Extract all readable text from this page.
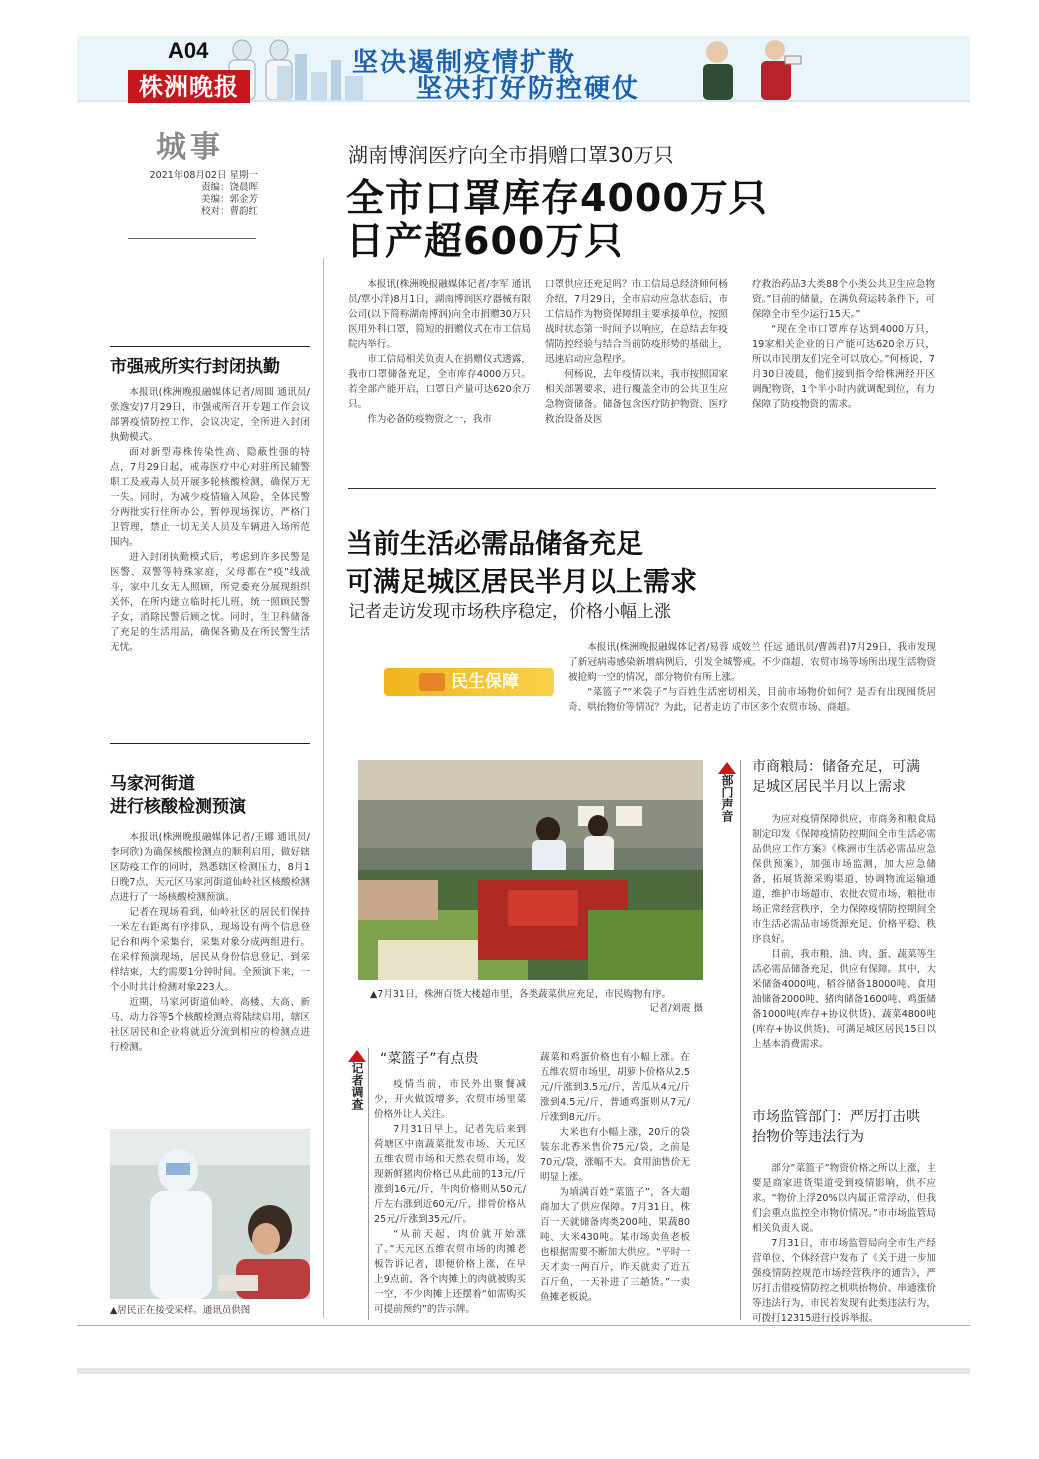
A04
株洲晚报
坚决遏制疫情扩散
坚决打好防控硬仗
城事
2021年08月02日 星期一
责编：饶晨晖
美编：郭金芳
校对：曹韵红
湖南博润医疗向全市捐赠口罩30万只
全市口罩库存4000万只
日产超600万只

本报讯(株洲晚报融媒体记者/李军 通讯员/覃小洋)8月1日，湖南博润医疗器械有限公司(以下简称湖南博润)向全市捐赠30万只医用外科口罩，简短的捐赠仪式在市工信局院内举行。

市工信局相关负责人在捐赠仪式透露，我市口罩储备充足，全市库存4000万只。若全部产能开启，口罩日产量可达620余万只。

作为必备防疫物资之一，我市

口罩供应还充足吗？市工信局总经济师何杨介绍，7月29日，全市启动应急状态后，市工信局作为物资保障组主要承接单位，按照战时状态第一时间予以响应，在总结去年疫情防控经验与结合当前防疫形势的基础上，迅速启动应急程序。

何杨说，去年疫情以来，我市按照国家相关部署要求，进行覆盖全市的公共卫生应急物资储备。储备包含医疗防护物资、医疗救治设备及医

疗救治药品3大类88个小类公共卫生应急物资。”目前的储量，在满负荷运转条件下，可保障全市至少运行15天。”

“现在全市口罩库存达到4000万只，19家相关企业的日产能可达620余万只，所以市民朋友们完全可以放心。”何杨说，7月30日凌晨，他们接到指令给株洲经开区调配物资，1个半小时内就调配到位，有力保障了防疫物资的需求。

市强戒所实行封闭执勤

本报讯(株洲晚报融媒体记者/周圆 通讯员/张逸安)7月29日，市强戒所召开专题工作会议部署疫情防控工作，会议决定，全所进入封闭执勤模式。

面对新型毒株传染性高、隐蔽性强的特点，7月29日起，戒毒医疗中心对驻所民辅警职工及戒毒人员开展多轮核酸检测，确保万无一失。同时，为减少疫情输入风险，全体民警分两批实行住所办公，暂停现场探访，严格门卫管理，禁止一切无关人员及车辆进入场所范围内。

进入封闭执勤模式后，考虑到许多民警是医警、双警等特殊家庭，父母都在“疫”线战斗，家中儿女无人照顾，所党委充分展现组织关怀，在所内建立临时托儿班，统一照顾民警子女，消除民警后顾之忧。同时，生卫科储备了充足的生活用品，确保各勤及在所民警生活无忧。

马家河街道
进行核酸检测预演

本报讯(株洲晚报融媒体记者/王娜 通讯员/李珂欣)为确保核酸检测点的顺利启用，做好辖区防疫工作的同时，熟悉辖区检测压力，8月1日晚7点，天元区马家河街道仙岭社区核酸检测点进行了一场核酸检测预演。

记者在现场看到，仙岭社区的居民们保持一米左右距离有序排队，现场设有两个信息登记台和两个采集台，采集对象分成两组进行。在采样预演现场，居民从身份信息登记，到采样结束，大约需要1分钟时间。全预演下来，一个小时共计检测对象223人。

近期，马家河街道仙岭、高楼、大高、新马、动力谷等5个核酸检测点将陆续启用，辖区社区居民和企业将就近分流到相应的检测点进行检测。

▲居民正在接受采样。通讯员供图
当前生活必需品储备充足
可满足城区居民半月以上需求
记者走访发现市场秩序稳定，价格小幅上涨
民生保障

本报讯(株洲晚报融媒体记者/易蓉 成姣兰 任远 通讯员/曹茜君)7月29日，我市发现了新冠病毒感染新增病例后，引发全城警戒。不少商超、农贸市场等场所出现生活物资被抢购一空的情况，部分物价有所上涨。

“菜篮子”“米袋子”与百姓生活密切相关，目前市场物价如何？是否有出现囤货居奇、哄抬物价等情况？为此，记者走访了市区多个农贸市场、商超。

▲7月31日，株洲百货大楼超市里，各类蔬菜供应充足，市民购物有序。
记者/刘震 摄
部门声音
市商粮局：储备充足，可满
足城区居民半月以上需求

为应对疫情保障供应，市商务和粮食局制定印发《保障疫情防控期间全市生活必需品供应工作方案》《株洲市生活必需品应急保供预案》，加强市场监测，加大应急储备，拓展货源采购渠道，协调物流运输通道，维护市场超市、农批农贸市场、粮批市场正常经营秩序，全力保障疫情防控期间全市生活必需品市场货源充足、价格平稳、秩序良好。

目前，我市粮、油、肉、蛋、蔬菜等生活必需品储备充足，供应有保障。其中，大米储备4000吨、稻谷储备18000吨、食用油储备2000吨、猪肉储备1600吨、鸡蛋储备1000吨(库存+协议供货)、蔬菜4800吨(库存+协议供货)，可满足城区居民15日以上基本消费需求。

市场监管部门：严厉打击哄
抬物价等违法行为

部分“菜篮子”物资价格之所以上涨，主要是商家进货渠道受到疫情影响，供不应求。“物价上浮20%以内属正常浮动，但我们会重点监控全市物价情况。”市市场监管局相关负责人说。

7月31日，市市场监管局向全市生产经营单位、个体经营户发布了《关于进一步加强疫情防控规范市场经营秩序的通告》，严厉打击借疫情防控之机哄抬物价、串通涨价等违法行为，市民若发现有此类违法行为，可拨打12315进行投诉举报。

记者调查
“菜篮子”有点贵

疫情当前，市民外出聚餐减少，开火做饭增多，农贸市场里菜价格外让人关注。

7月31日早上，记者先后来到荷塘区中南蔬菜批发市场、天元区五维农贸市场和天然农贸市场，发现新鲜猪肉价格已从此前的13元/斤涨到16元/斤，牛肉价格则从50元/斤左右涨到近60元/斤，排骨价格从25元/斤涨到35元/斤。

“从前天起，肉价就开始涨了。”天元区五维农贸市场的肉摊老板告诉记者，即便价格上涨，在早上9点前，各个肉摊上的肉就被购买一空，不少肉摊上还摆着“如需购买可提前预约”的告示牌。

蔬菜和鸡蛋价格也有小幅上涨。在五维农贸市场里，胡萝卜价格从2.5元/斤涨到3.5元/斤，苦瓜从4元/斤涨到4.5元/斤，普通鸡蛋则从7元/斤涨到8元/斤。

大米也有小幅上涨，20斤的袋装东北香米售价75元/袋，之前是70元/袋，涨幅不大。食用油售价无明显上涨。

为填满百姓“菜篮子”，各大超商加大了供应保障。7月31日，株百一天就储备肉类200吨、果蔬80吨、大米430吨。某市场卖鱼老板也根据需要不断加大供应。“平时一天才卖一两百斤，昨天就卖了近五百斤鱼，一天补进了三趟货。”一卖鱼摊老板说。
